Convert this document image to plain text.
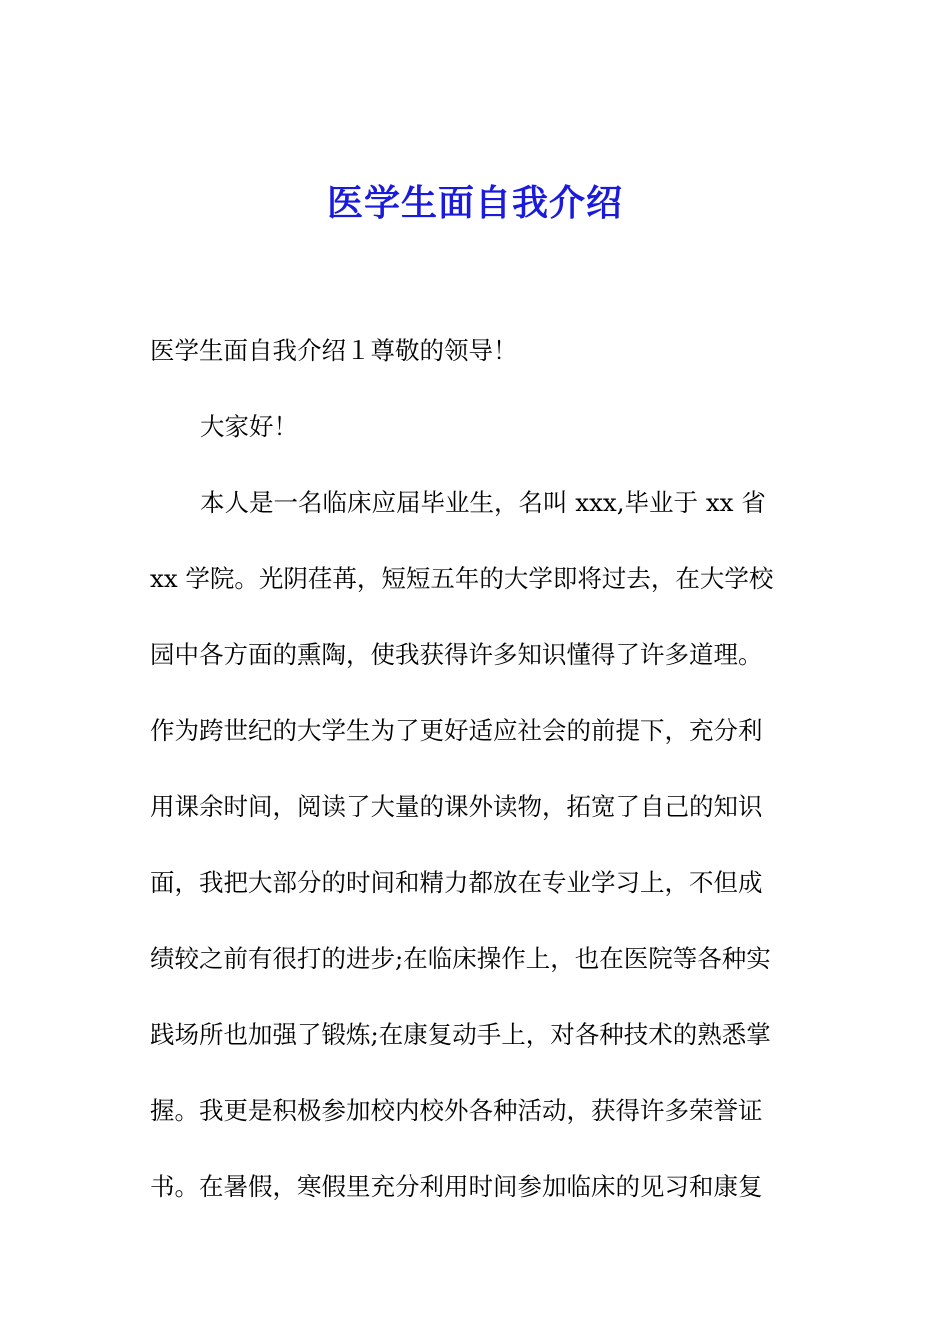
医学生面自我介绍
医学生面自我介绍１尊敬的领导！
大家好！
本人是一名临床应届毕业生，名叫 xxx,毕业于 xx 省
xx 学院。光阴荏苒，短短五年的大学即将过去，在大学校
园中各方面的熏陶，使我获得许多知识懂得了许多道理。
作为跨世纪的大学生为了更好适应社会的前提下，充分利
用课余时间，阅读了大量的课外读物，拓宽了自己的知识
面，我把大部分的时间和精力都放在专业学习上，不但成
绩较之前有很打的进步;在临床操作上，也在医院等各种实
践场所也加强了锻炼;在康复动手上，对各种技术的熟悉掌
握。我更是积极参加校内校外各种活动，获得许多荣誉证
书。在暑假，寒假里充分利用时间参加临床的见习和康复
